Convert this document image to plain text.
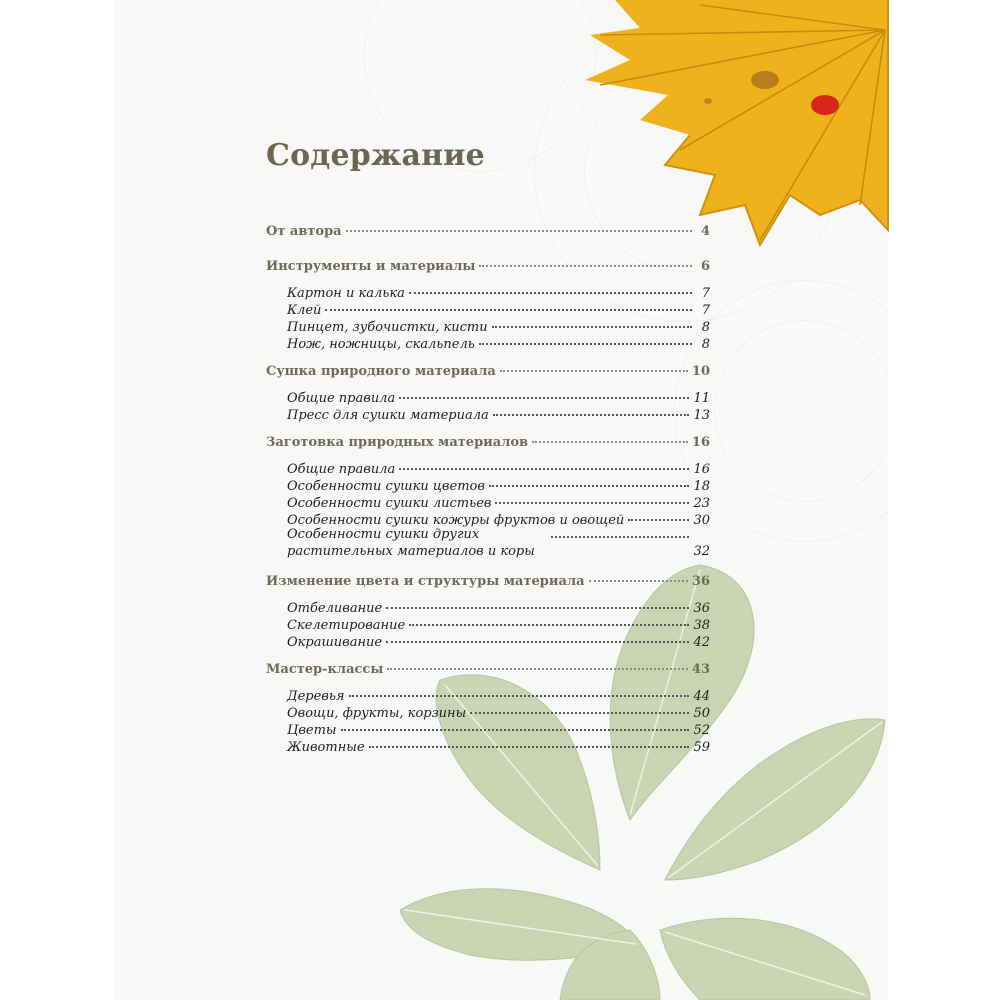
Содержание
От автора	4
Инструменты и материалы	6
Картон и калька	7
Клей	7
Пинцет, зубочистки, кисти	8
Нож, ножницы, скальпель	8
Сушка природного материала	10
Общие правила	11
Пресс для сушки материала	13
Заготовка природных материалов	16
Общие правила	16
Особенности сушки цветов	18
Особенности сушки листьев	23
Особенности сушки кожуры фруктов и овощей	30
Особенности сушки других растительных материалов и коры	32
Изменение цвета и структуры материала	36
Отбеливание	36
Скелетирование	38
Окрашивание	42
Мастер-классы	43
Деревья	44
Овощи, фрукты, корзины	50
Цветы	52
Животные	59
